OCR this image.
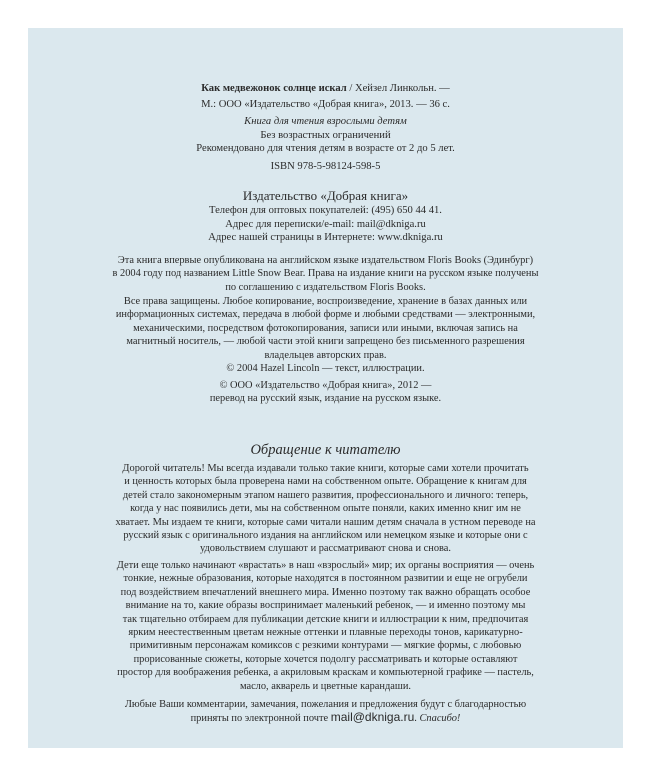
Как медвежонок солнце искал / Хейзел Линкольн. —
М.: ООО «Издательство «Добрая книга», 2013. — 36 с.
Книга для чтения взрослыми детям
Без возрастных ограничений
Рекомендовано для чтения детям в возрасте от 2 до 5 лет.
ISBN 978-5-98124-598-5
Издательство «Добрая книга»
Телефон для оптовых покупателей: (495) 650 44 41.
Адрес для переписки/e-mail: mail@dkniga.ru
Адрес нашей страницы в Интернете: www.dkniga.ru
Эта книга впервые опубликована на английском языке издательством Floris Books (Эдинбург)
в 2004 году под названием Little Snow Bear. Права на издание книги на русском языке получены
по соглашению с издательством Floris Books.
Все права защищены. Любое копирование, воспроизведение, хранение в базах данных или
информационных системах, передача в любой форме и любыми средствами — электронными,
механическими, посредством фотокопирования, записи или иными, включая запись на
магнитный носитель, — любой части этой книги запрещено без письменного разрешения
владельцев авторских прав.
© 2004 Hazel Lincoln — текст, иллюстрации.
© ООО «Издательство «Добрая книга», 2012 —
перевод на русский язык, издание на русском языке.
Обращение к читателю
Дорогой читатель! Мы всегда издавали только такие книги, которые сами хотели прочитать
и ценность которых была проверена нами на собственном опыте. Обращение к книгам для
детей стало закономерным этапом нашего развития, профессионального и личного: теперь,
когда у нас появились дети, мы на собственном опыте поняли, каких именно книг им не
хватает. Мы издаем те книги, которые сами читали нашим детям сначала в устном переводе на
русский язык с оригинального издания на английском или немецком языке и которые они с
удовольствием слушают и рассматривают снова и снова.
Дети еще только начинают «врастать» в наш «взрослый» мир; их органы восприятия — очень
тонкие, нежные образования, которые находятся в постоянном развитии и еще не огрубели
под воздействием впечатлений внешнего мира. Именно поэтому так важно обращать особое
внимание на то, какие образы воспринимает маленький ребенок, — и именно поэтому мы
так тщательно отбираем для публикации детские книги и иллюстрации к ним, предпочитая
ярким неестественным цветам нежные оттенки и плавные переходы тонов, карикатурно-
примитивным персонажам комиксов с резкими контурами — мягкие формы, с любовью
прорисованные сюжеты, которые хочется подолгу рассматривать и которые оставляют
простор для воображения ребенка, а акриловым краскам и компьютерной графике — пастель,
масло, акварель и цветные карандаши.
Любые Ваши комментарии, замечания, пожелания и предложения будут с благодарностью
приняты по электронной почте mail@dkniga.ru. Спасибо!
